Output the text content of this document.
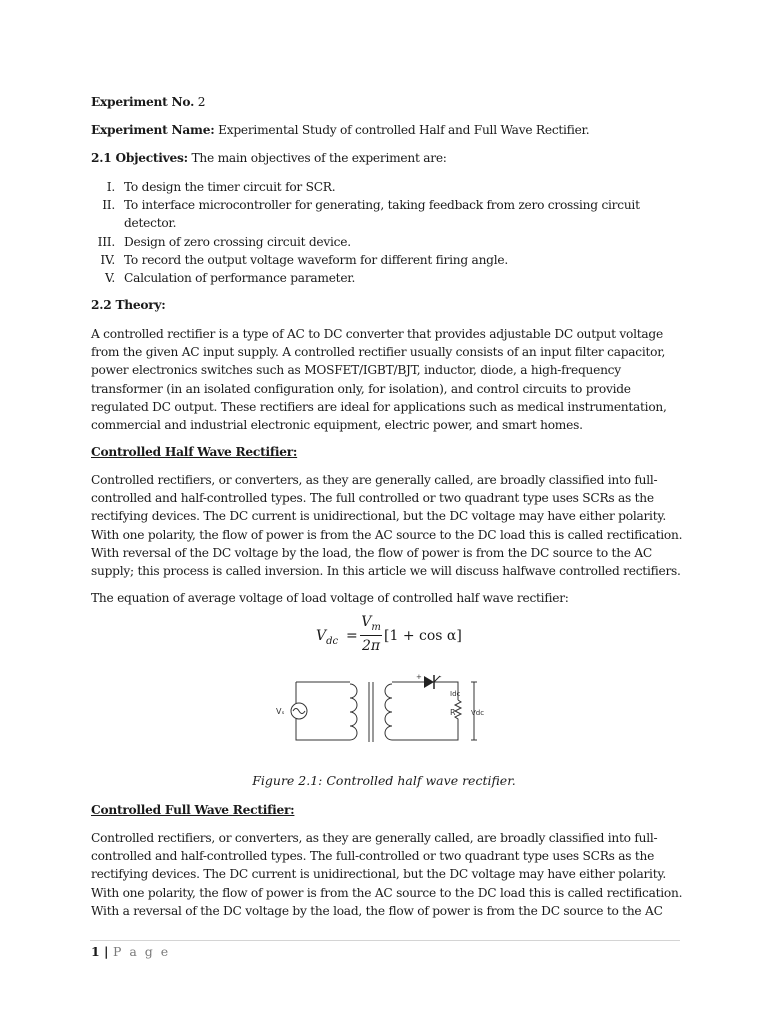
Experiment No. 2

Experiment Name: Experimental Study of controlled Half and Full Wave Rectifier.

2.1 Objectives: The main objectives of the experiment are:

I. To design the timer circuit for SCR.
II. To interface microcontroller for generating, taking feedback from zero crossing circuit
detector.
III. Design of zero crossing circuit device.
IV. To record the output voltage waveform for different firing angle.
V. Calculation of performance parameter.

2.2 Theory:

A controlled rectifier is a type of AC to DC converter that provides adjustable DC output voltage
from the given AC input supply. A controlled rectifier usually consists of an input filter capacitor,
power electronics switches such as MOSFET/IGBT/BJT, inductor, diode, a high-frequency
transformer (in an isolated configuration only, for isolation), and control circuits to provide
regulated DC output. These rectifiers are ideal for applications such as medical instrumentation,
commercial and industrial electronic equipment, electric power, and smart homes.

Controlled Half Wave Rectifier:

Controlled rectifiers, or converters, as they are generally called, are broadly classified into full-
controlled and half-controlled types. The full controlled or two quadrant type uses SCRs as the
rectifying devices. The DC current is unidirectional, but the DC voltage may have either polarity.
With one polarity, the flow of power is from the AC source to the DC load this is called rectification.
With reversal of the DC voltage by the load, the flow of power is from the DC source to the AC
supply; this process is called inversion. In this article we will discuss halfwave controlled rectifiers.

The equation of average voltage of load voltage of controlled half wave rectifier:

Controlled Full Wave Rectifier:

Controlled rectifiers, or converters, as they are generally called, are broadly classified into full-
controlled and half-controlled types. The full-controlled or two quadrant type uses SCRs as the
rectifying devices. The DC current is unidirectional, but the DC voltage may have either polarity.
With one polarity, the flow of power is from the AC source to the DC load this is called rectification.
With a reversal of the DC voltage by the load, the flow of power is from the DC source to the AC
$V_{dc}$ =
$V_m$
2π
[1 + cos α]
+ -
Vₛ
Idc
R Vdc
Figure 2.1: Controlled half wave rectifier.
1 | P a g e
